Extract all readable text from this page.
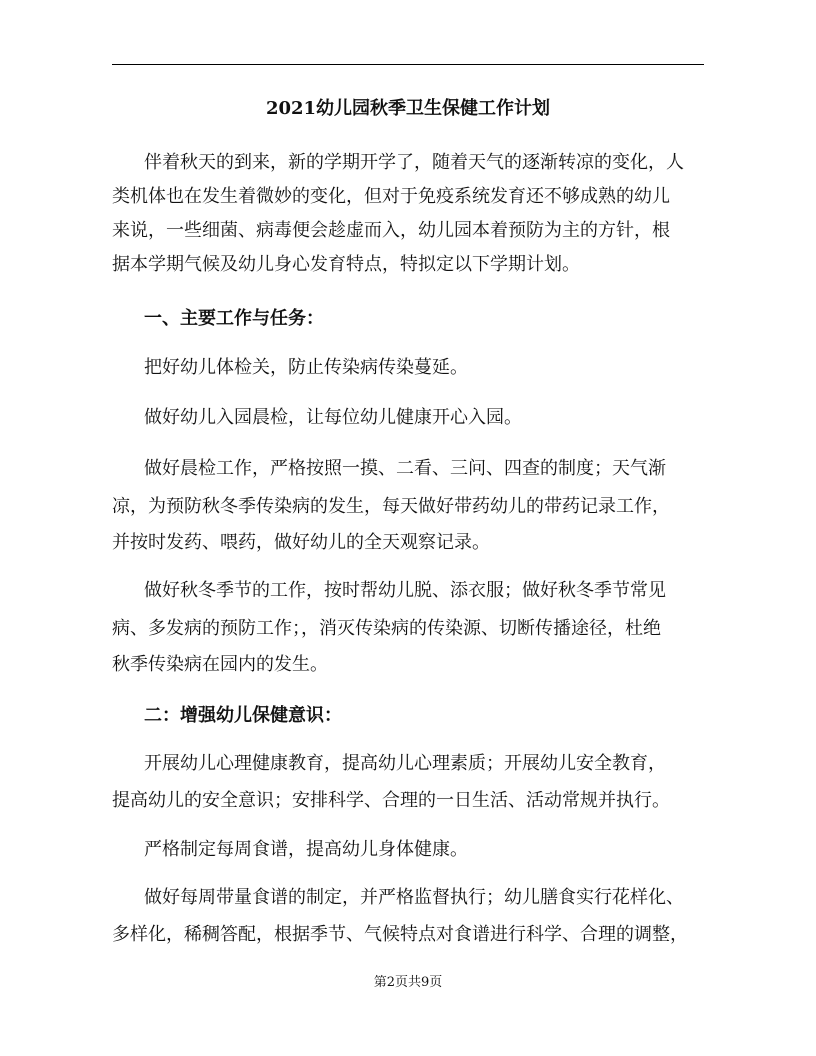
2021幼儿园秋季卫生保健工作计划

伴着秋天的到来，新的学期开学了，随着天气的逐渐转凉的变化，人

类机体也在发生着微妙的变化，但对于免疫系统发育还不够成熟的幼儿

来说，一些细菌、病毒便会趁虚而入，幼儿园本着预防为主的方针，根

据本学期气候及幼儿身心发育特点，特拟定以下学期计划。

一、主要工作与任务：

把好幼儿体检关，防止传染病传染蔓延。

做好幼儿入园晨检，让每位幼儿健康开心入园。

做好晨检工作，严格按照一摸、二看、三问、四查的制度；天气渐

凉，为预防秋冬季传染病的发生，每天做好带药幼儿的带药记录工作，

并按时发药、喂药，做好幼儿的全天观察记录。

做好秋冬季节的工作，按时帮幼儿脱、添衣服；做好秋冬季节常见

病、多发病的预防工作；，消灭传染病的传染源、切断传播途径，杜绝

秋季传染病在园内的发生。

二：增强幼儿保健意识：

开展幼儿心理健康教育，提高幼儿心理素质；开展幼儿安全教育，

提高幼儿的安全意识；安排科学、合理的一日生活、活动常规并执行。

严格制定每周食谱，提高幼儿身体健康。

做好每周带量食谱的制定，并严格监督执行；幼儿膳食实行花样化、

多样化，稀稠答配，根据季节、气候特点对食谱进行科学、合理的调整，

第2页共9页
